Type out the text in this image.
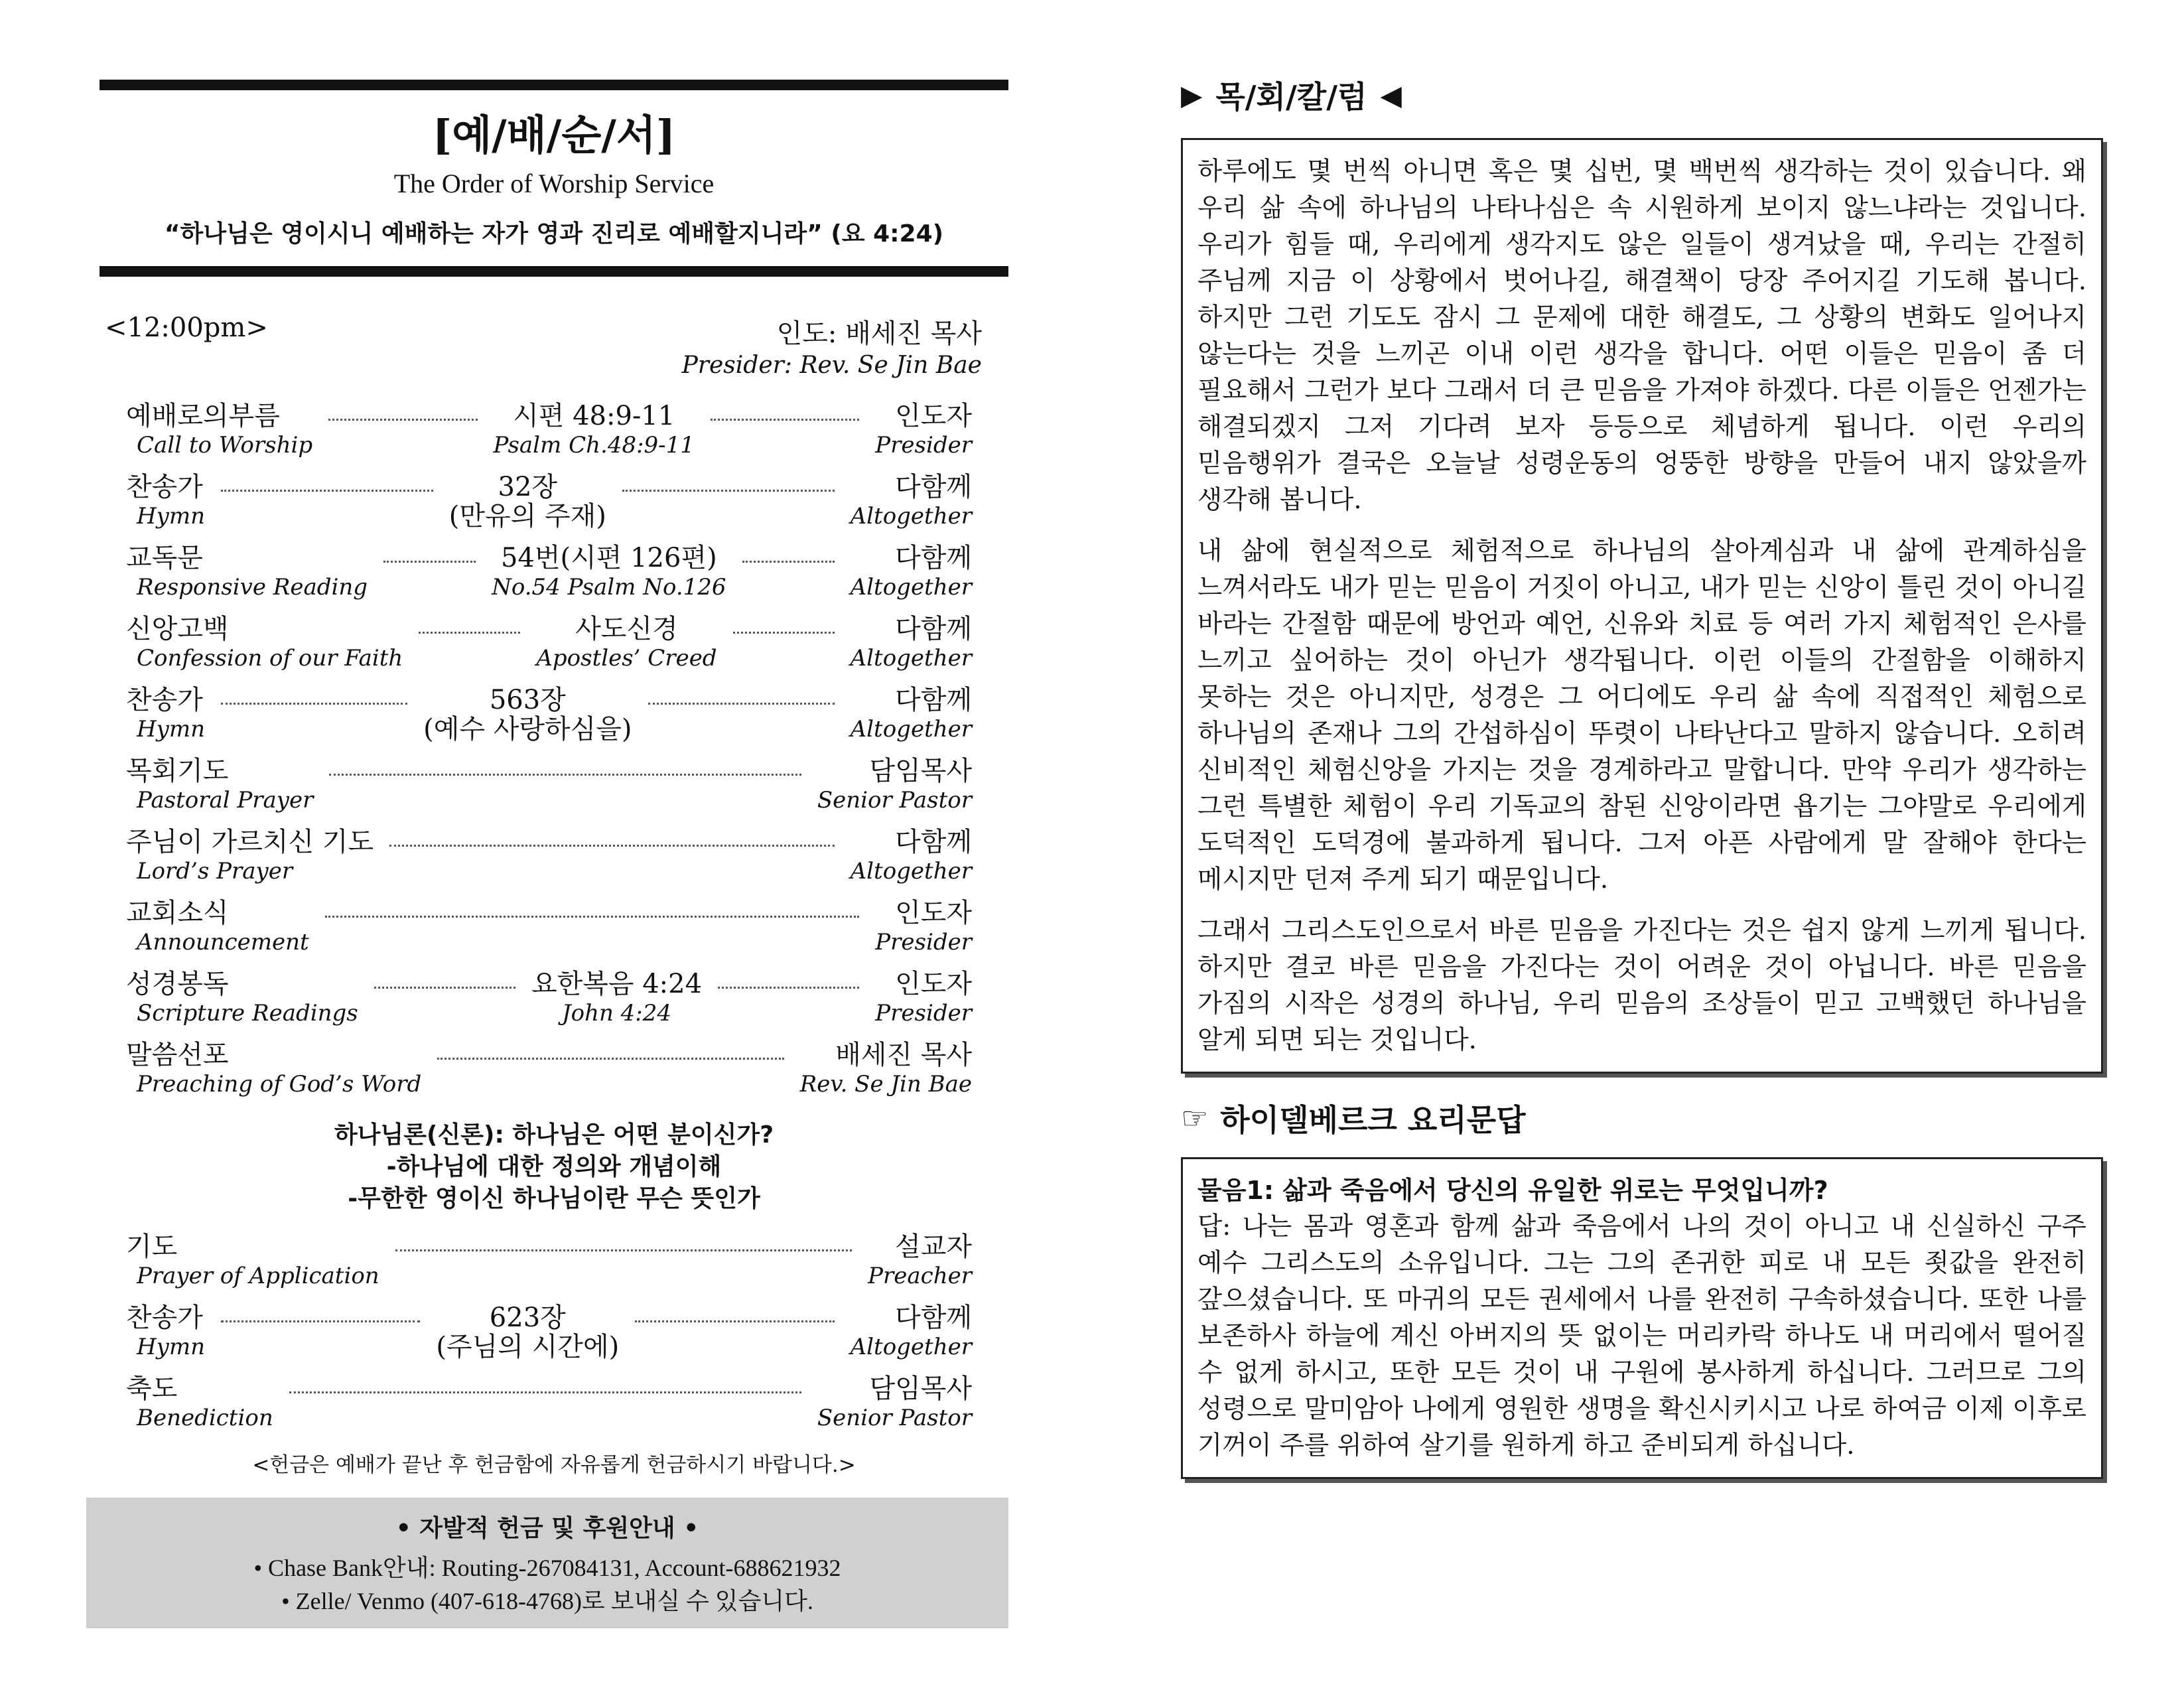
[예/배/순/서]
The Order of Worship Service
“하나님은 영이시니 예배하는 자가 영과 진리로 예배할지니라” (요 4:24)
<12:00pm>	인도: 배세진 목사
Presider: Rev. Se Jin Bae
예배로의부름
Call to Worship
시편 48:9-11
Psalm Ch.48:9-11
인도자
Presider
찬송가
Hymn
32장
(만유의 주재)
다함께
Altogether
교독문
Responsive Reading
54번(시편 126편)
No.54 Psalm No.126
다함께
Altogether
신앙고백
Confession of our Faith
사도신경
Apostles’ Creed
다함께
Altogether
찬송가
Hymn
563장
(예수 사랑하심을)
다함께
Altogether
목회기도
Pastoral Prayer
담임목사
Senior Pastor
주님이 가르치신 기도
Lord’s Prayer
다함께
Altogether
교회소식
Announcement
인도자
Presider
성경봉독
Scripture Readings
요한복음 4:24
John 4:24
인도자
Presider
말씀선포
Preaching of God’s Word
배세진 목사
Rev. Se Jin Bae
하나님론(신론): 하나님은 어떤 분이신가?
-하나님에 대한 정의와 개념이해
-무한한 영이신 하나님이란 무슨 뜻인가
기도
Prayer of Application
설교자
Preacher
찬송가
Hymn
623장
(주님의 시간에)
다함께
Altogether
축도
Benediction
담임목사
Senior Pastor
<헌금은 예배가 끝난 후 헌금함에 자유롭게 헌금하시기 바랍니다.>
• 자발적 헌금 및 후원안내 •
• Chase Bank안내: Routing-267084131, Account-688621932
• Zelle/ Venmo (407-618-4768)로 보내실 수 있습니다.
▶ 목/회/칼/럼 ◀

하루에도 몇 번씩 아니면 혹은 몇 십번, 몇 백번씩 생각하는 것이 있습니다. 왜 우리 삶 속에 하나님의 나타나심은 속 시원하게 보이지 않느냐라는 것입니다. 우리가 힘들 때, 우리에게 생각지도 않은 일들이 생겨났을 때, 우리는 간절히 주님께 지금 이 상황에서 벗어나길, 해결책이 당장 주어지길 기도해 봅니다. 하지만 그런 기도도 잠시 그 문제에 대한 해결도, 그 상황의 변화도 일어나지 않는다는 것을 느끼곤 이내 이런 생각을 합니다. 어떤 이들은 믿음이 좀 더 필요해서 그런가 보다 그래서 더 큰 믿음을 가져야 하겠다. 다른 이들은 언젠가는 해결되겠지 그저 기다려 보자 등등으로 체념하게 됩니다. 이런 우리의 믿음행위가 결국은 오늘날 성령운동의 엉뚱한 방향을 만들어 내지 않았을까 생각해 봅니다.

내 삶에 현실적으로 체험적으로 하나님의 살아계심과 내 삶에 관계하심을 느껴서라도 내가 믿는 믿음이 거짓이 아니고, 내가 믿는 신앙이 틀린 것이 아니길 바라는 간절함 때문에 방언과 예언, 신유와 치료 등 여러 가지 체험적인 은사를 느끼고 싶어하는 것이 아닌가 생각됩니다. 이런 이들의 간절함을 이해하지 못하는 것은 아니지만, 성경은 그 어디에도 우리 삶 속에 직접적인 체험으로 하나님의 존재나 그의 간섭하심이 뚜렷이 나타난다고 말하지 않습니다. 오히려 신비적인 체험신앙을 가지는 것을 경계하라고 말합니다. 만약 우리가 생각하는 그런 특별한 체험이 우리 기독교의 참된 신앙이라면 욥기는 그야말로 우리에게 도덕적인 도덕경에 불과하게 됩니다. 그저 아픈 사람에게 말 잘해야 한다는 메시지만 던져 주게 되기 때문입니다.

그래서 그리스도인으로서 바른 믿음을 가진다는 것은 쉽지 않게 느끼게 됩니다. 하지만 결코 바른 믿음을 가진다는 것이 어려운 것이 아닙니다. 바른 믿음을 가짐의 시작은 성경의 하나님, 우리 믿음의 조상들이 믿고 고백했던 하나님을 알게 되면 되는 것입니다.

☞ 하이델베르크 요리문답
물음1: 삶과 죽음에서 당신의 유일한 위로는 무엇입니까?

답: 나는 몸과 영혼과 함께 삶과 죽음에서 나의 것이 아니고 내 신실하신 구주 예수 그리스도의 소유입니다. 그는 그의 존귀한 피로 내 모든 죗값을 완전히 갚으셨습니다. 또 마귀의 모든 권세에서 나를 완전히 구속하셨습니다. 또한 나를 보존하사 하늘에 계신 아버지의 뜻 없이는 머리카락 하나도 내 머리에서 떨어질 수 없게 하시고, 또한 모든 것이 내 구원에 봉사하게 하십니다. 그러므로 그의 성령으로 말미암아 나에게 영원한 생명을 확신시키시고 나로 하여금 이제 이후로 기꺼이 주를 위하여 살기를 원하게 하고 준비되게 하십니다.
